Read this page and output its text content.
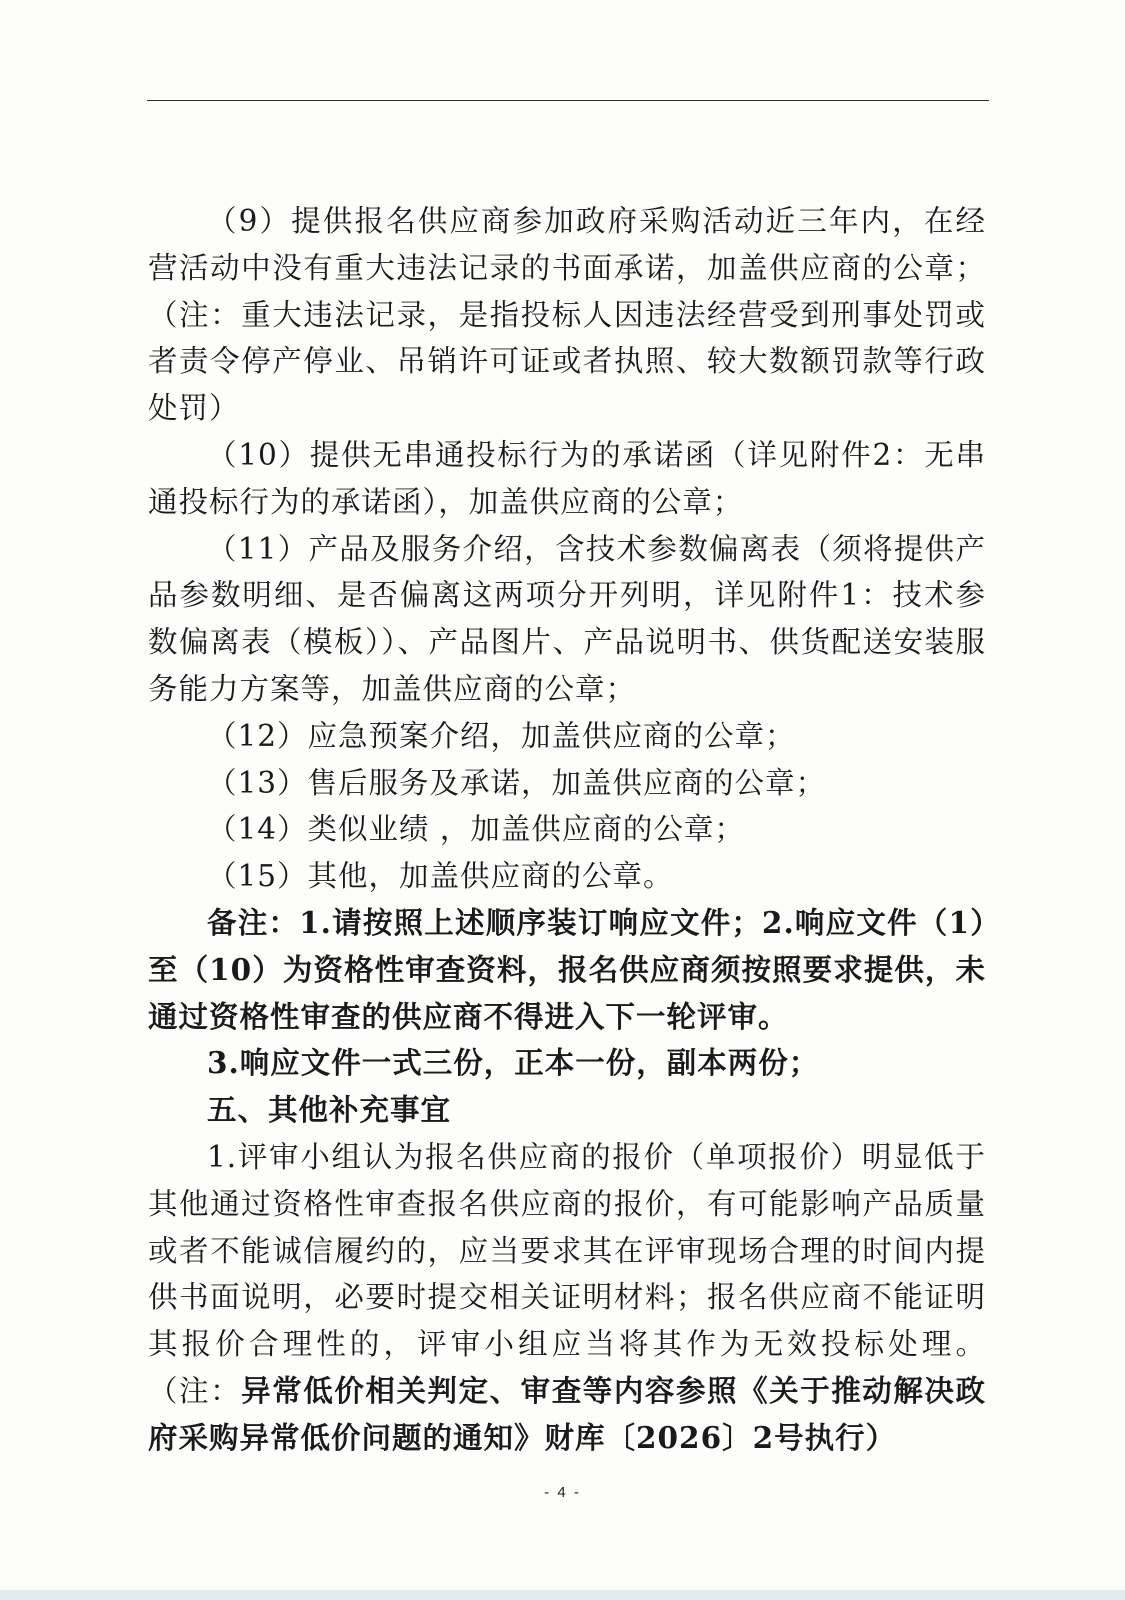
（9）提供报名供应商参加政府采购活动近三年内，在经营活动中没有重大违法记录的书面承诺，加盖供应商的公章；（注：重大违法记录，是指投标人因违法经营受到刑事处罚或者责令停产停业、吊销许可证或者执照、较大数额罚款等行政处罚）

（10）提供无串通投标行为的承诺函（详见附件2：无串通投标行为的承诺函），加盖供应商的公章；

（11）产品及服务介绍，含技术参数偏离表（须将提供产品参数明细、是否偏离这两项分开列明，详见附件1：技术参数偏离表（模板））、产品图片、产品说明书、供货配送安装服务能力方案等，加盖供应商的公章；

（12）应急预案介绍，加盖供应商的公章；

（13）售后服务及承诺，加盖供应商的公章；

（14）类似业绩 ，加盖供应商的公章；

（15）其他，加盖供应商的公章。

备注：1.请按照上述顺序装订响应文件；2.响应文件（1）至（10）为资格性审查资料，报名供应商须按照要求提供，未通过资格性审查的供应商不得进入下一轮评审。

3.响应文件一式三份，正本一份，副本两份；

五、其他补充事宜

1.评审小组认为报名供应商的报价（单项报价）明显低于其他通过资格性审查报名供应商的报价，有可能影响产品质量或者不能诚信履约的，应当要求其在评审现场合理的时间内提供书面说明，必要时提交相关证明材料；报名供应商不能证明其报价合理性的，评审小组应当将其作为无效投标处理。（注：异常低价相关判定、审查等内容参照《关于推动解决政府采购异常低价问题的通知》财库〔2026〕2号执行）

- 4 -
